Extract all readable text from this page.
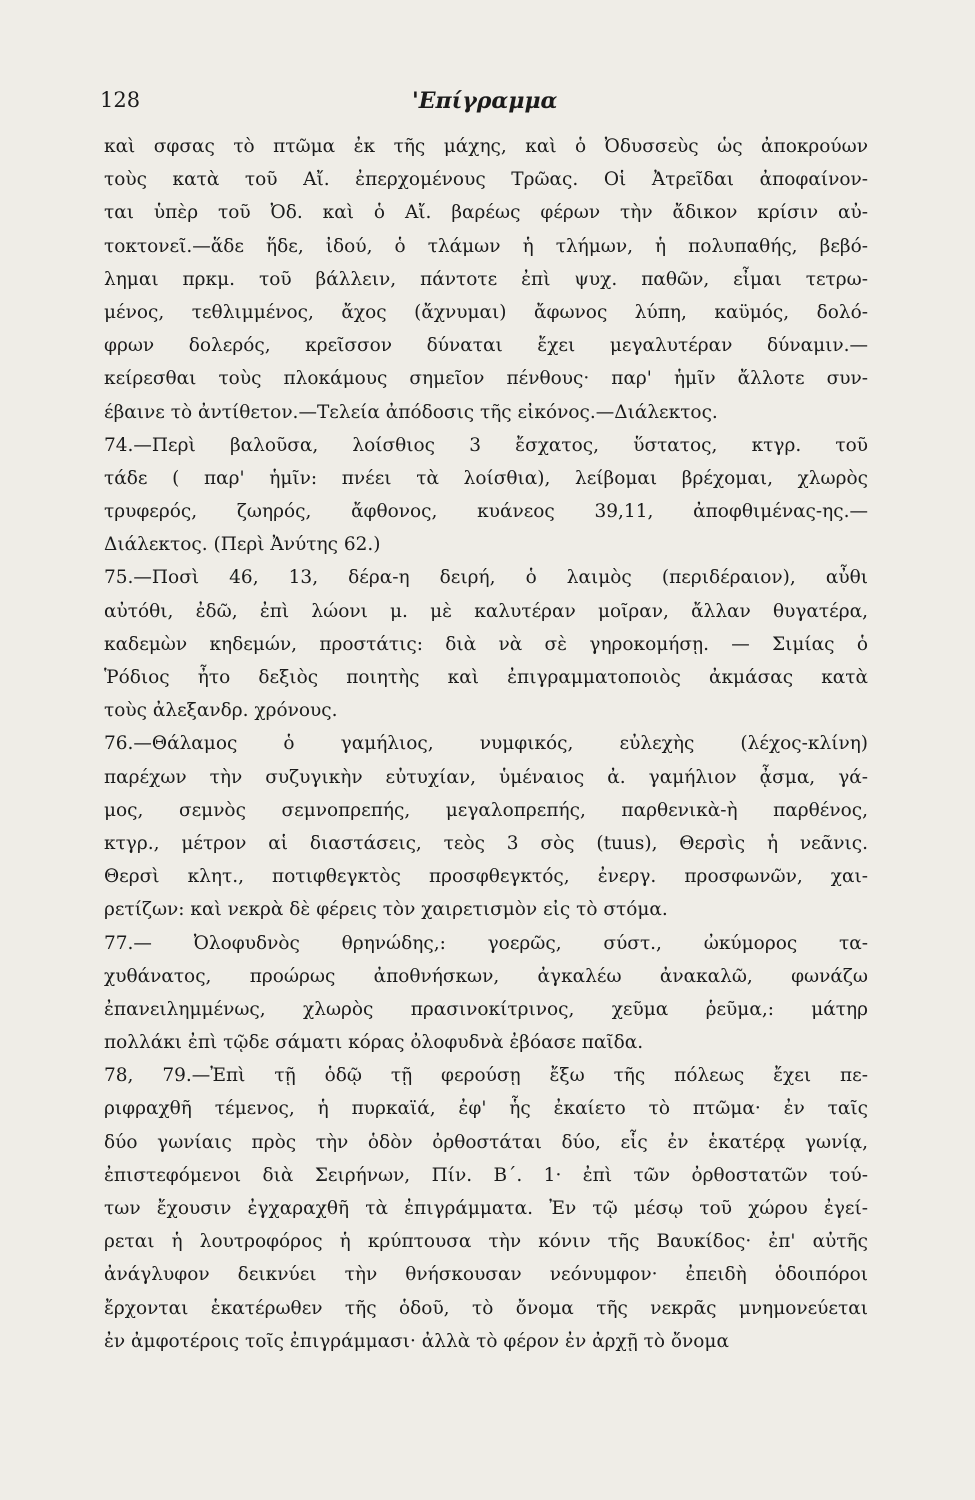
128	'Επίγραμμα
καὶ σφσας τὸ πτῶμα ἐκ τῆς μάχης, καὶ ὁ Ὀδυσσεὺς ὡς ἀποκρούων
τοὺς κατὰ τοῦ Αἴ. ἐπερχομένους Τρῶας. Οἱ Ἀτρεῖδαι ἀποφαίνον-
ται ὑπὲρ τοῦ Ὀδ. καὶ ὁ Αἴ. βαρέως φέρων τὴν ἄδικον κρίσιν αὐ-
τοκτονεῖ.—ἅδε ἥδε, ἰδού, ὁ τλάμων ἡ τλήμων, ἡ πολυπαθής, βεβό-
λημαι πρκμ. τοῦ βάλλειν, πάντοτε ἐπὶ ψυχ. παθῶν, εἶμαι τετρω-
μένος, τεθλιμμένος, ἄχος (ἄχνυμαι) ἄφωνος λύπη, καϋμός, δολό-
φρων δολερός, κρεῖσσον δύναται ἔχει μεγαλυτέραν δύναμιν.—
κείρεσθαι τοὺς πλοκάμους σημεῖον πένθους· παρ' ἡμῖν ἄλλοτε συν-
έβαινε τὸ ἀντίθετον.—Τελεία ἀπόδοσις τῆς εἰκόνος.—Διάλεκτος.
74.—Περὶ βαλοῦσα, λοίσθιος 3 ἔσχατος, ὕστατος, κτγρ. τοῦ
τάδε ( παρ' ἡμῖν: πνέει τὰ λοίσθια), λείβομαι βρέχομαι, χλωρὸς
τρυφερός, ζωηρός, ἄφθονος, κυάνεος 39,11, ἀποφθιμένας-ης.—
Διάλεκτος. (Περὶ Ἀνύτης 62.)
75.—Ποσὶ 46, 13, δέρα-η δειρή, ὁ λαιμὸς (περιδέραιον), αὖθι
αὐτόθι, ἐδῶ, ἐπὶ λώονι μ. μὲ καλυτέραν μοῖραν, ἄλλαν θυγατέρα,
καδεμὼν κηδεμών, προστάτις: διὰ νὰ σὲ γηροκομήσῃ. — Σιμίας ὁ
Ῥόδιος ἦτο δεξιὸς ποιητὴς καὶ ἐπιγραμματοποιὸς ἀκμάσας κατὰ
τοὺς ἀλεξανδρ. χρόνους.
76.—Θάλαμος ὁ γαμήλιος, νυμφικός, εὐλεχὴς (λέχος-κλίνη)
παρέχων τὴν συζυγικὴν εὐτυχίαν, ὑμέναιος ἀ. γαμήλιον ᾆσμα, γά-
μος, σεμνὸς σεμνοπρεπής, μεγαλοπρεπής, παρθενικὰ-ὴ παρθένος,
κτγρ., μέτρον αἱ διαστάσεις, τεὸς 3 σὸς (tuus), Θερσὶς ἡ νεᾶνις.
Θερσὶ κλητ., ποτιφθεγκτὸς προσφθεγκτός, ἐνεργ. προσφωνῶν, χαι-
ρετίζων: καὶ νεκρὰ δὲ φέρεις τὸν χαιρετισμὸν εἰς τὸ στόμα.
77.— Ὀλοφυδνὸς θρηνώδης,: γοερῶς, σύστ., ὠκύμορος τα-
χυθάνατος, προώρως ἀποθνήσκων, ἀγκαλέω ἀνακαλῶ, φωνάζω
ἐπανειλημμένως, χλωρὸς πρασινοκίτρινος, χεῦμα ῥεῦμα,: μάτηρ
πολλάκι ἐπὶ τῷδε σάματι κόρας ὀλοφυδνὰ ἐβόασε παῖδα.
78, 79.—Ἐπὶ τῇ ὁδῷ τῇ φερούσῃ ἔξω τῆς πόλεως ἔχει πε-
ριφραχθῆ τέμενος, ἡ πυρκαϊά, ἐφ' ἧς ἐκαίετο τὸ πτῶμα· ἐν ταῖς
δύο γωνίαις πρὸς τὴν ὁδὸν ὀρθοστάται δύο, εἷς ἐν ἑκατέρᾳ γωνίᾳ,
ἐπιστεφόμενοι διὰ Σειρήνων, Πίν. Β΄. 1· ἐπὶ τῶν ὀρθοστατῶν τού-
των ἔχουσιν ἐγχαραχθῆ τὰ ἐπιγράμματα. Ἐν τῷ μέσῳ τοῦ χώρου ἐγεί-
ρεται ἡ λουτροφόρος ἡ κρύπτουσα τὴν κόνιν τῆς Βαυκίδος· ἐπ' αὐτῆς
ἀνάγλυφον δεικνύει τὴν θνήσκουσαν νεόνυμφον· ἐπειδὴ ὁδοιπόροι
ἔρχονται ἑκατέρωθεν τῆς ὁδοῦ, τὸ ὄνομα τῆς νεκρᾶς μνημονεύεται
ἐν ἀμφοτέροις τοῖς ἐπιγράμμασι· ἀλλὰ τὸ φέρον ἐν ἀρχῇ τὸ ὄνομα
